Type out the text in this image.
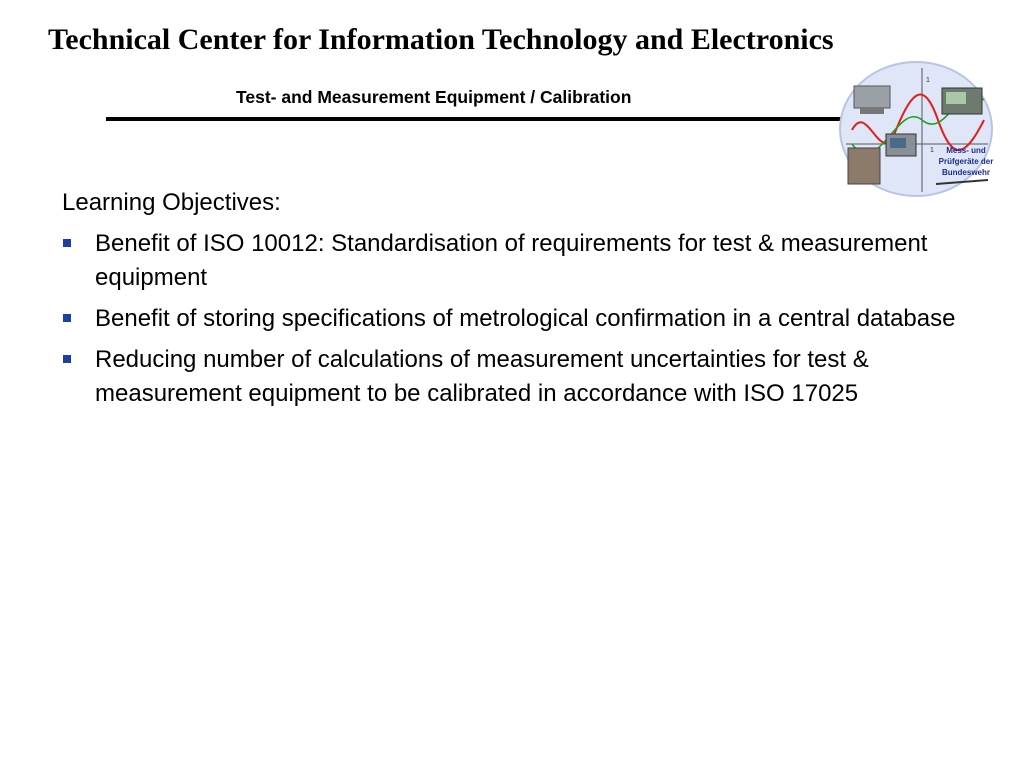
Technical Center for Information Technology and Electronics
Test- and Measurement Equipment / Calibration
1
1 Mess- und
Prüfgeräte der
Bundeswehr
Learning Objectives:
Benefit of ISO 10012: Standardisation of requirements for test & measurement equipment
Benefit of storing specifications of metrological confirmation in a central database
Reducing number of calculations of measurement uncertainties for test & measurement equipment to be calibrated in accordance with ISO 17025
